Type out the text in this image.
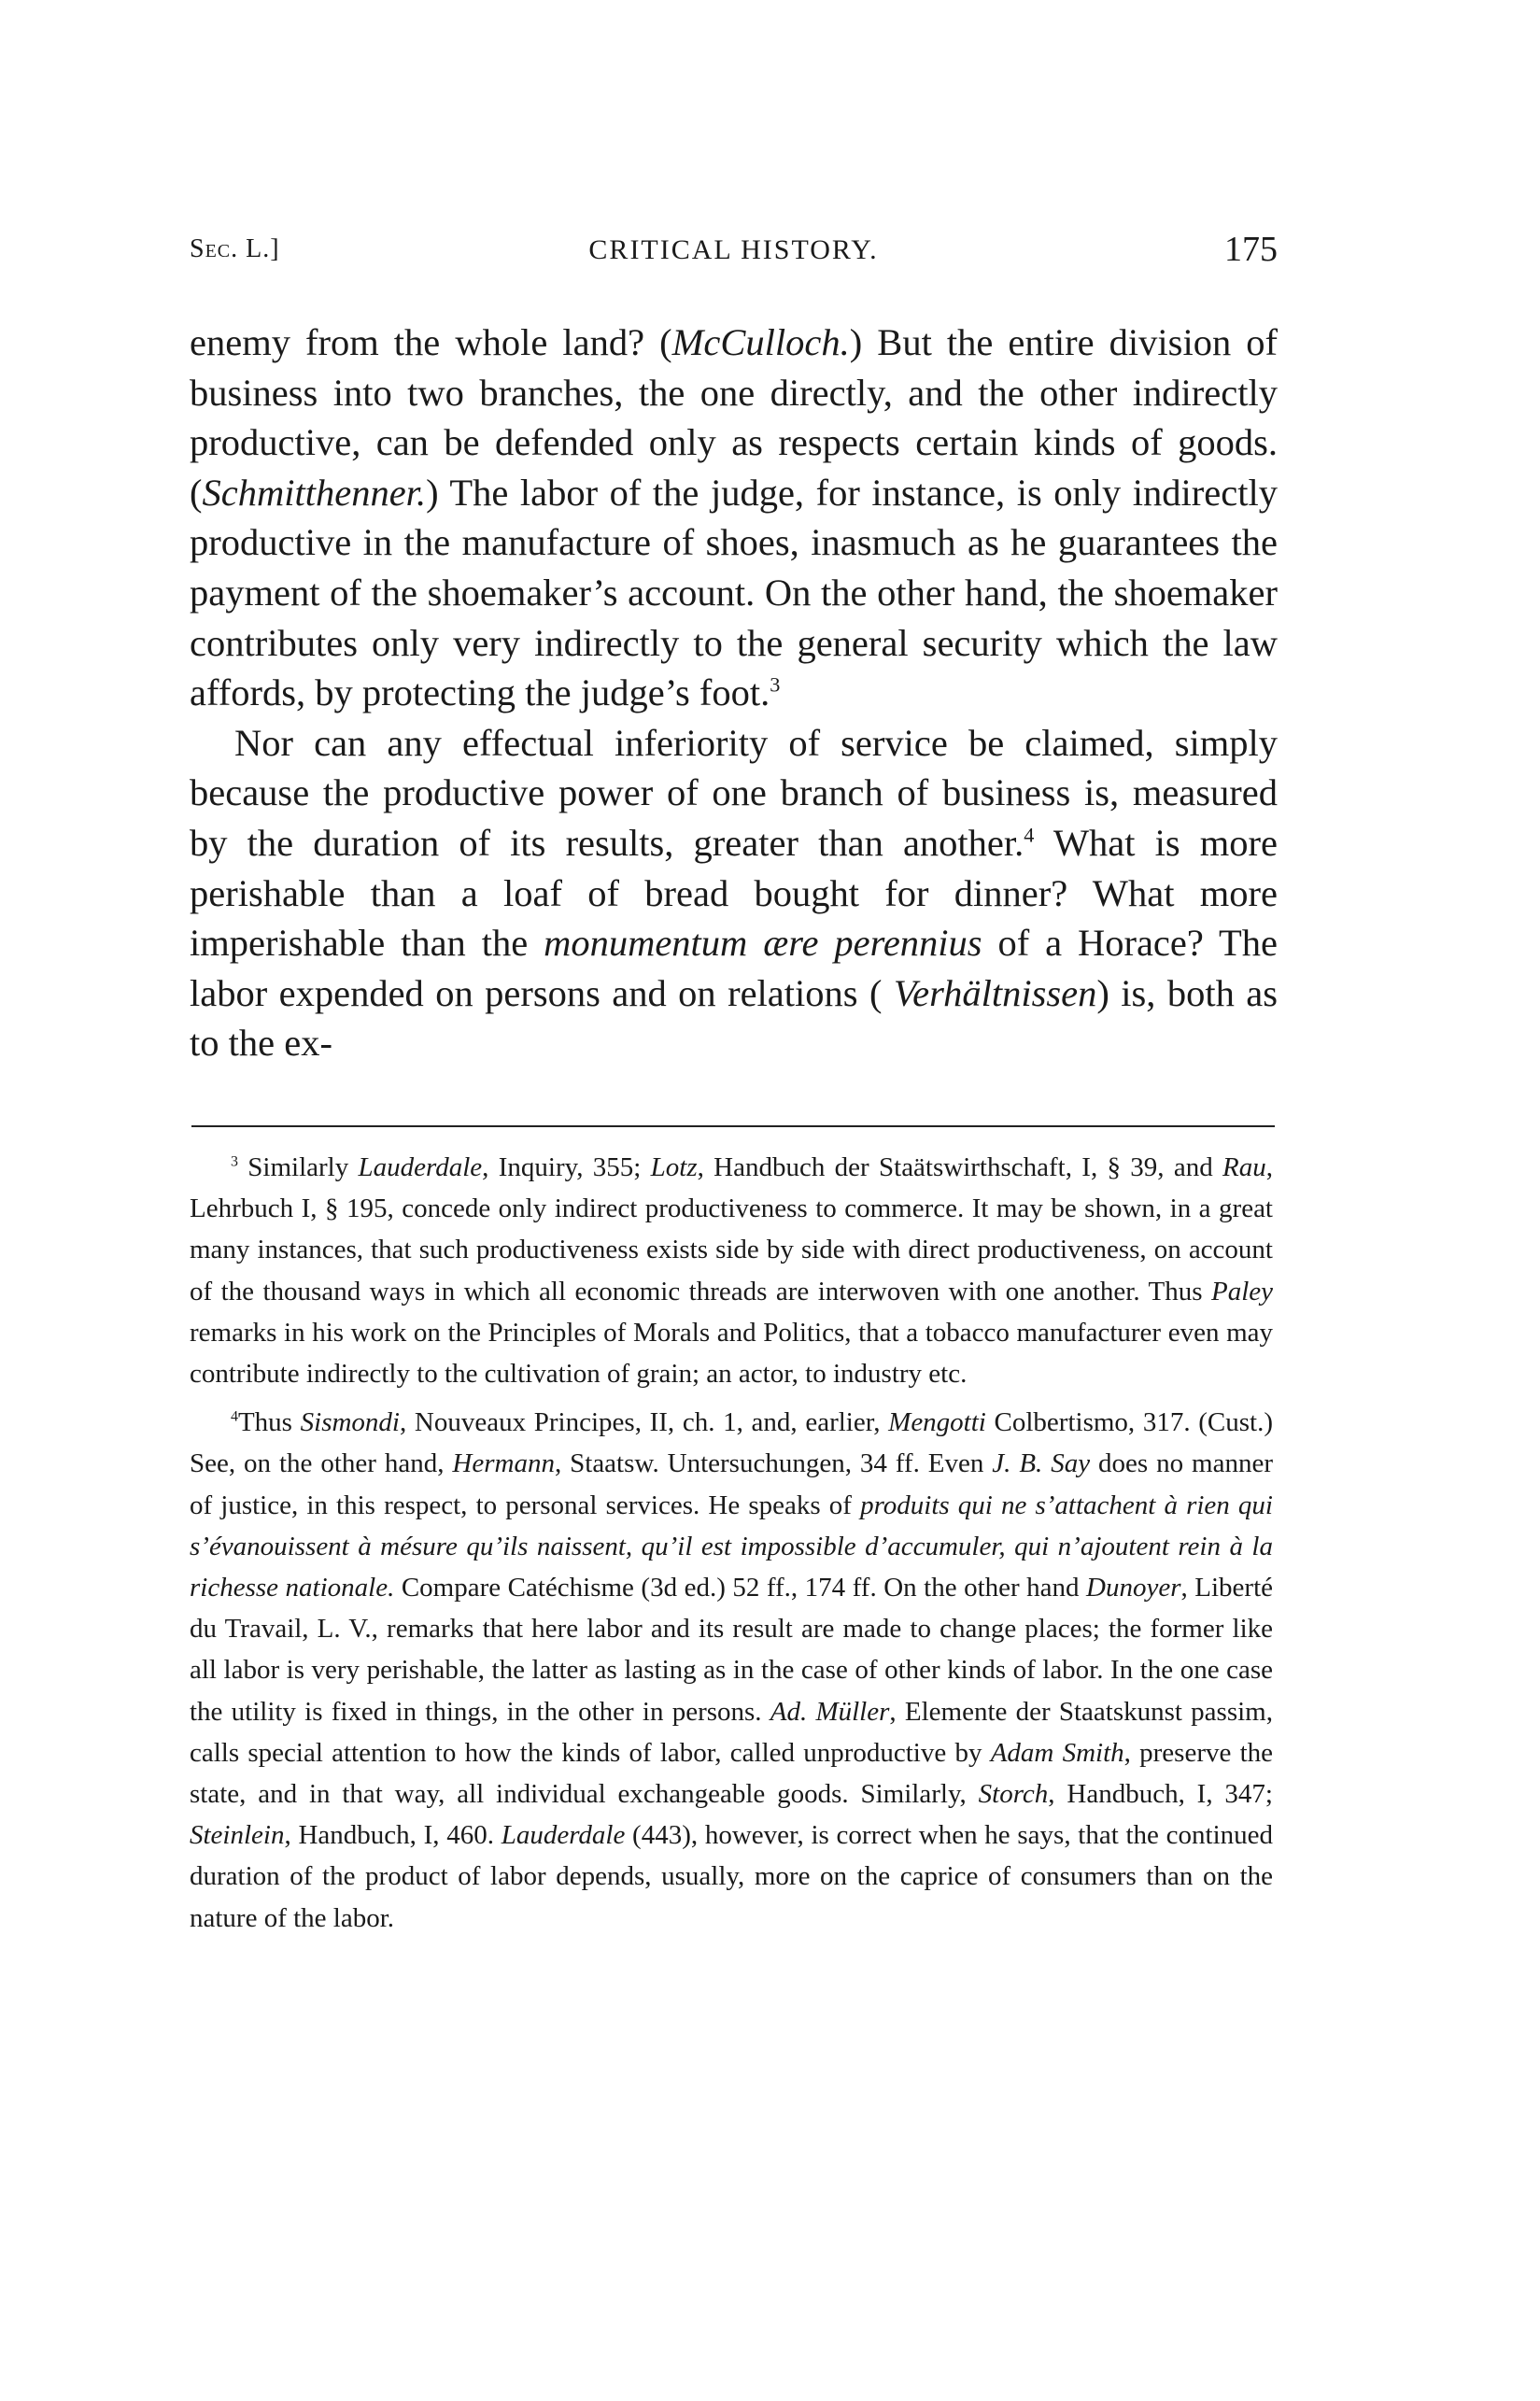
Sec. L.]	CRITICAL HISTORY.	175

enemy from the whole land? (McCulloch.) But the entire division of business into two branches, the one directly, and the other indirectly productive, can be defended only as respects certain kinds of goods. (Schmitthenner.) The labor of the judge, for instance, is only indirectly productive in the manufacture of shoes, inasmuch as he guarantees the payment of the shoemaker’s account. On the other hand, the shoemaker contributes only very indirectly to the general security which the law affords, by protecting the judge’s foot.$^3$

Nor can any effectual inferiority of service be claimed, simply because the productive power of one branch of business is, measured by the duration of its results, greater than another.$^4$ What is more perishable than a loaf of bread bought for dinner? What more imperishable than the monumentum ære perennius of a Horace? The labor expended on persons and on relations ( Verhältnissen) is, both as to the ex-

$^3$ Similarly Lauderdale, Inquiry, 355; Lotz, Handbuch der Staätswirthschaft, I, § 39, and Rau, Lehrbuch I, § 195, concede only indirect productiveness to commerce. It may be shown, in a great many instances, that such productiveness exists side by side with direct productiveness, on account of the thousand ways in which all economic threads are interwoven with one another. Thus Paley remarks in his work on the Principles of Morals and Politics, that a tobacco manufacturer even may contribute indirectly to the cultivation of grain; an actor, to industry etc.

$^4$Thus Sismondi, Nouveaux Principes, II, ch. 1, and, earlier, Mengotti Colbertismo, 317. (Cust.) See, on the other hand, Hermann, Staatsw. Untersuchungen, 34 ff. Even J. B. Say does no manner of justice, in this respect, to personal services. He speaks of produits qui ne s’attachent à rien qui s’évanouissent à mésure qu’ils naissent, qu’il est impossible d’accumuler, qui n’ajoutent rein à la richesse nationale. Compare Catéchisme (3d ed.) 52 ff., 174 ff. On the other hand Dunoyer, Liberté du Travail, L. V., remarks that here labor and its result are made to change places; the former like all labor is very perishable, the latter as lasting as in the case of other kinds of labor. In the one case the utility is fixed in things, in the other in persons. Ad. Müller, Elemente der Staatskunst passim, calls special attention to how the kinds of labor, called unproductive by Adam Smith, preserve the state, and in that way, all individual exchangeable goods. Similarly, Storch, Handbuch, I, 347; Steinlein, Handbuch, I, 460. Lauderdale (443), however, is correct when he says, that the continued duration of the product of labor depends, usually, more on the caprice of consumers than on the nature of the labor.
